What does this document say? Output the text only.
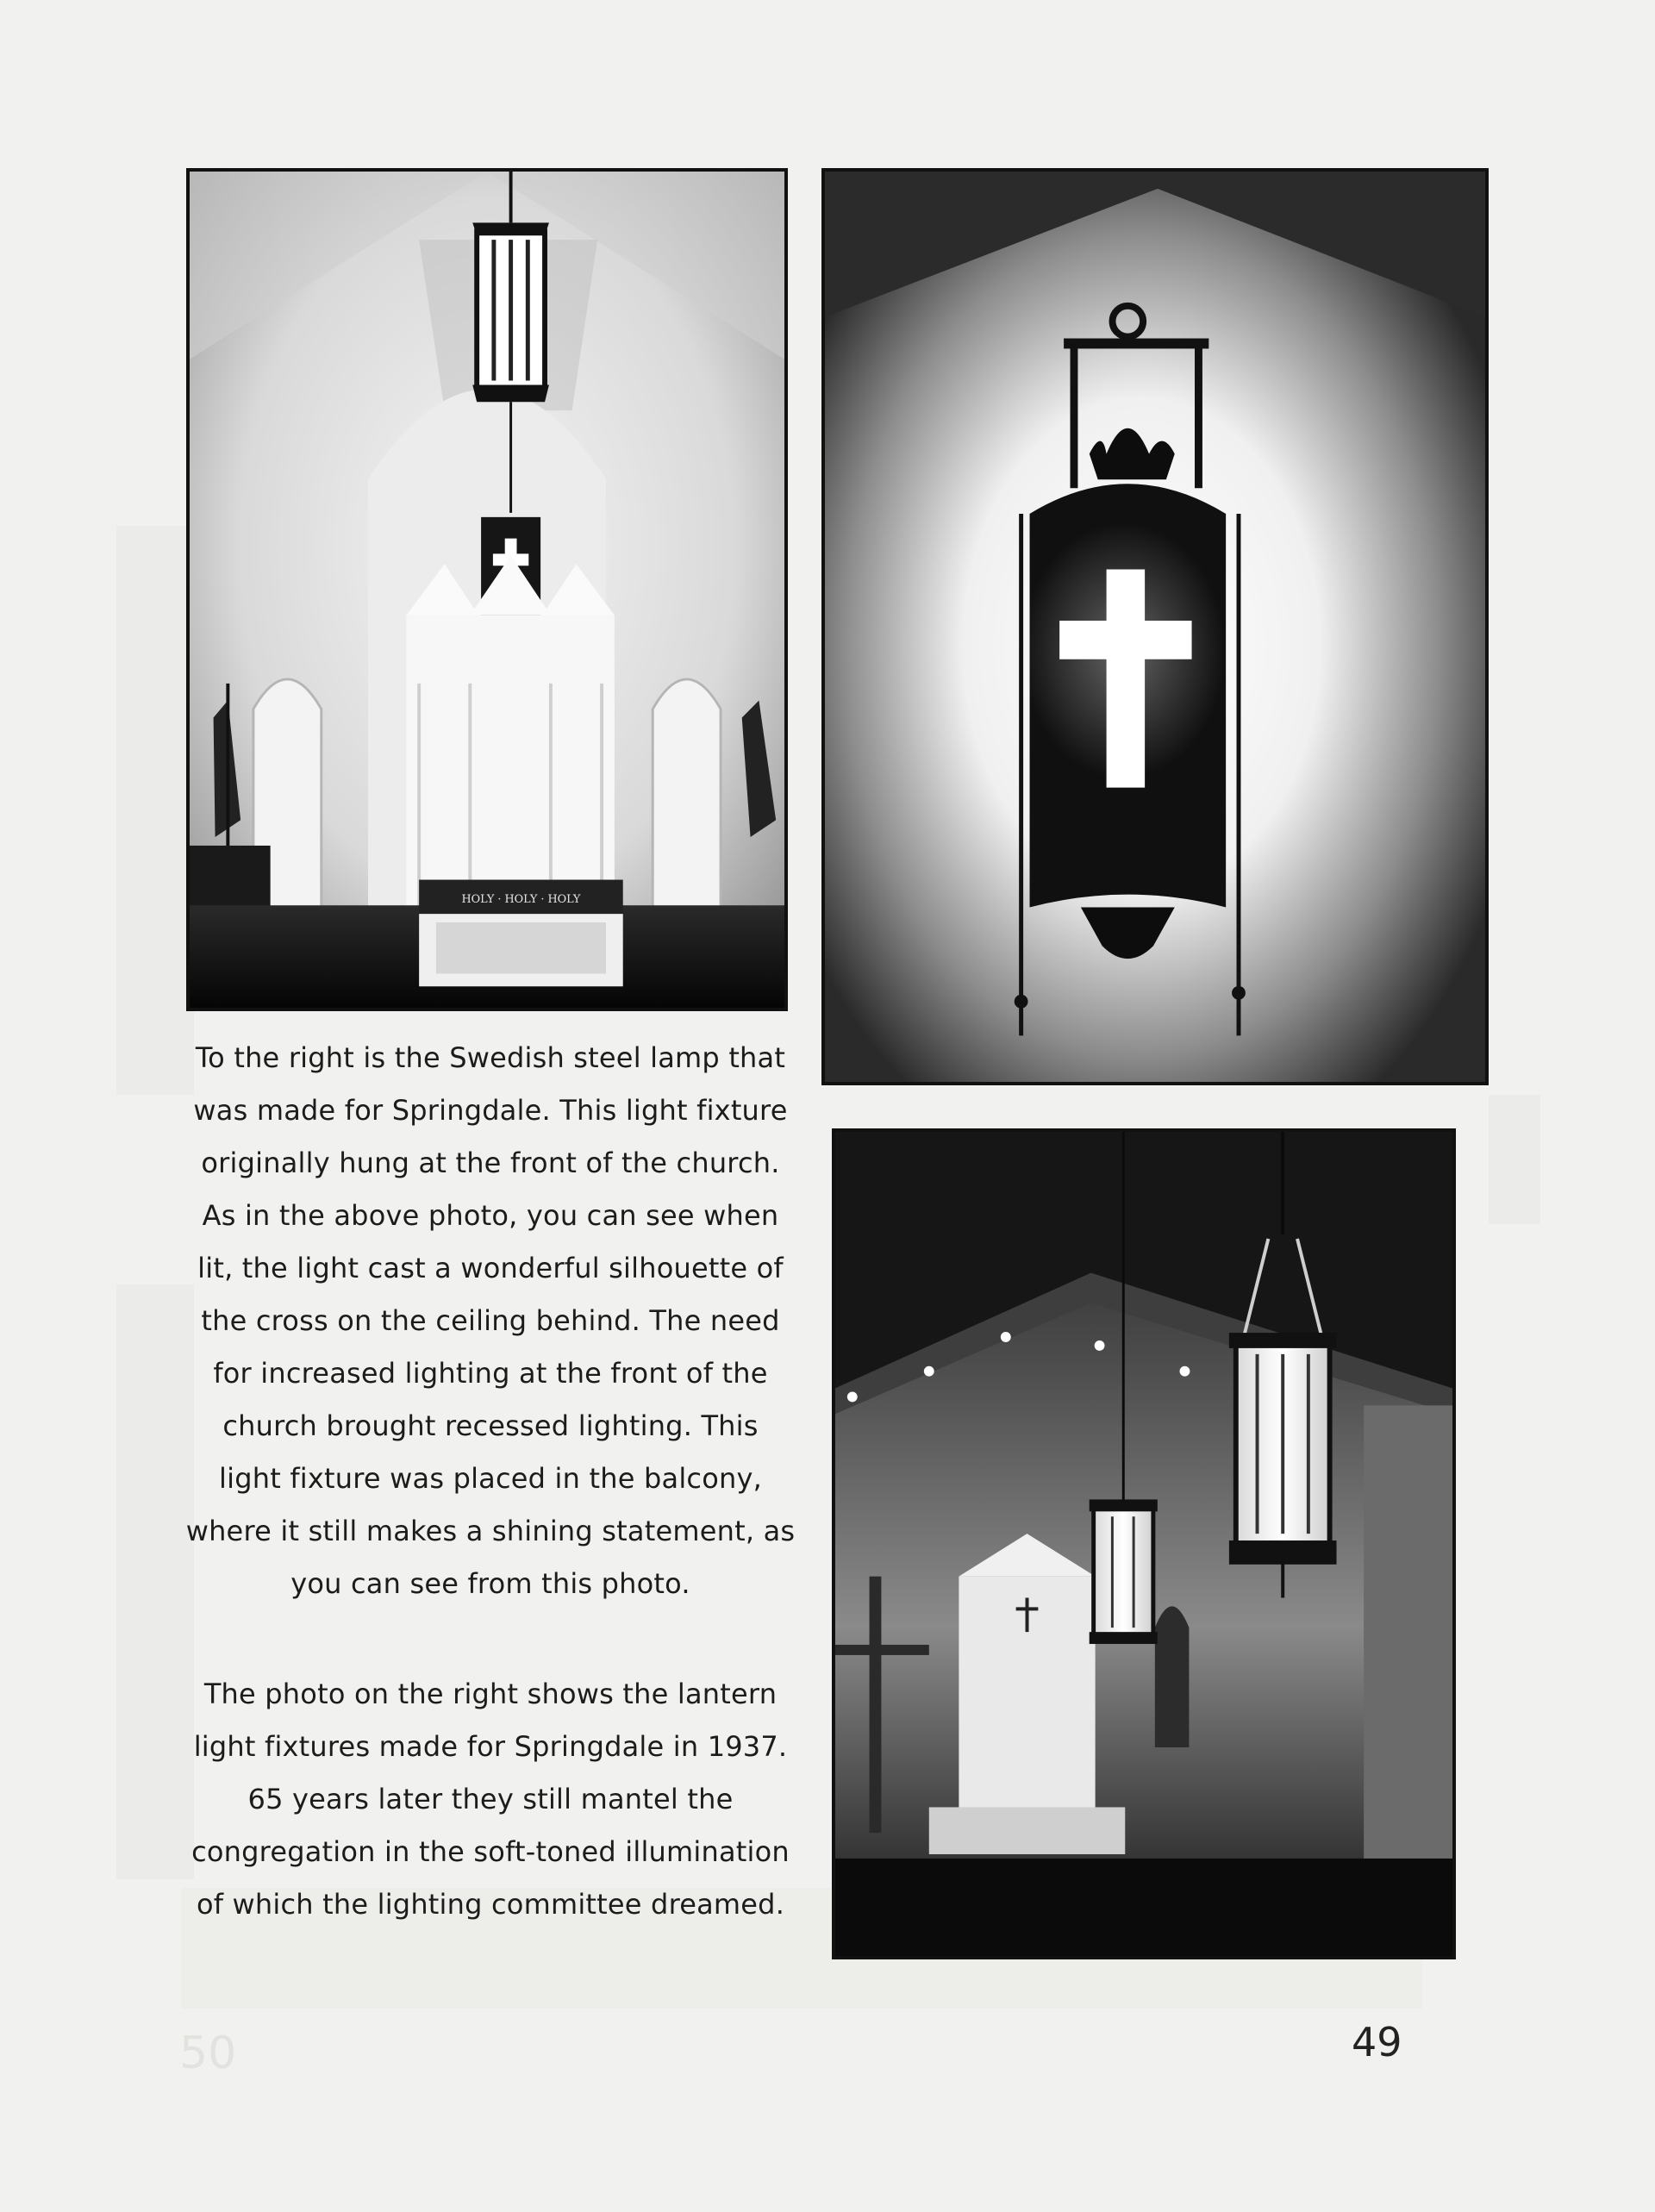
50
HOLY · HOLY · HOLY
To the right is the Swedish steel lamp that
was made for Springdale. This light fixture
originally hung at the front of the church.
As in the above photo, you can see when
lit, the light cast a wonderful silhouette of
the cross on the ceiling behind. The need
for increased lighting at the front of the
church brought recessed lighting. This
light fixture was placed in the balcony,
where it still makes a shining statement, as
you can see from this photo.
The photo on the right shows the lantern
light fixtures made for Springdale in 1937.
65 years later they still mantel the
congregation in the soft-toned illumination
of which the lighting committee dreamed.
49
